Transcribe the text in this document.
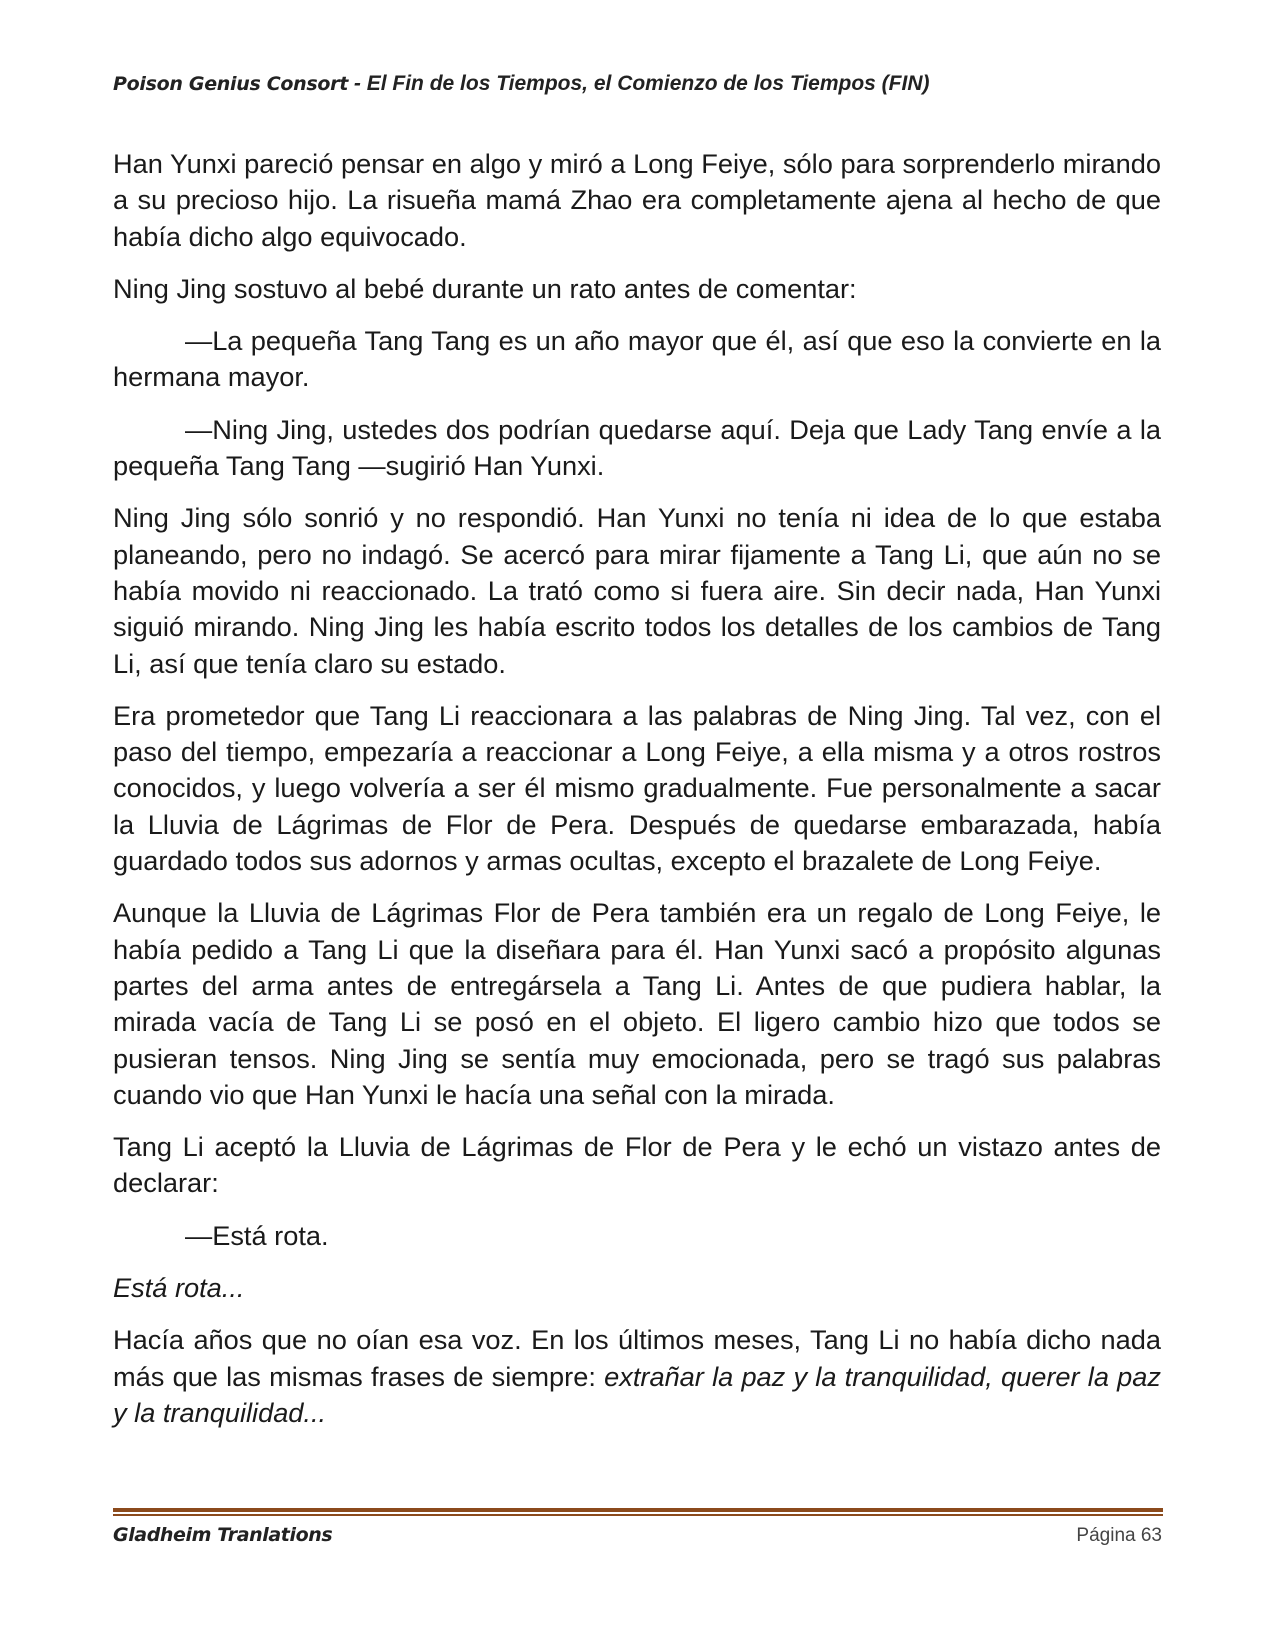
Poison Genius Consort - El Fin de los Tiempos, el Comienzo de los Tiempos (FIN)

Han Yunxi pareció pensar en algo y miró a Long Feiye, sólo para sorprenderlo mirando a su precioso hijo. La risueña mamá Zhao era completamente ajena al hecho de que había dicho algo equivocado.

Ning Jing sostuvo al bebé durante un rato antes de comentar:

—La pequeña Tang Tang es un año mayor que él, así que eso la convierte en la hermana mayor.

—Ning Jing, ustedes dos podrían quedarse aquí. Deja que Lady Tang envíe a la pequeña Tang Tang —sugirió Han Yunxi.

Ning Jing sólo sonrió y no respondió. Han Yunxi no tenía ni idea de lo que estaba planeando, pero no indagó. Se acercó para mirar fijamente a Tang Li, que aún no se había movido ni reaccionado. La trató como si fuera aire. Sin decir nada, Han Yunxi siguió mirando. Ning Jing les había escrito todos los detalles de los cambios de Tang Li, así que tenía claro su estado.

Era prometedor que Tang Li reaccionara a las palabras de Ning Jing. Tal vez, con el paso del tiempo, empezaría a reaccionar a Long Feiye, a ella misma y a otros rostros conocidos, y luego volvería a ser él mismo gradualmente. Fue personalmente a sacar la Lluvia de Lágrimas de Flor de Pera. Después de quedarse embarazada, había guardado todos sus adornos y armas ocultas, excepto el brazalete de Long Feiye.

Aunque la Lluvia de Lágrimas Flor de Pera también era un regalo de Long Feiye, le había pedido a Tang Li que la diseñara para él. Han Yunxi sacó a propósito algunas partes del arma antes de entregársela a Tang Li. Antes de que pudiera hablar, la mirada vacía de Tang Li se posó en el objeto. El ligero cambio hizo que todos se pusieran tensos. Ning Jing se sentía muy emocionada, pero se tragó sus palabras cuando vio que Han Yunxi le hacía una señal con la mirada.

Tang Li aceptó la Lluvia de Lágrimas de Flor de Pera y le echó un vistazo antes de declarar:

—Está rota.

Está rota...

Hacía años que no oían esa voz. En los últimos meses, Tang Li no había dicho nada más que las mismas frases de siempre: extrañar la paz y la tranquilidad, querer la paz y la tranquilidad...

Gladheim Tranlations	Página 63
